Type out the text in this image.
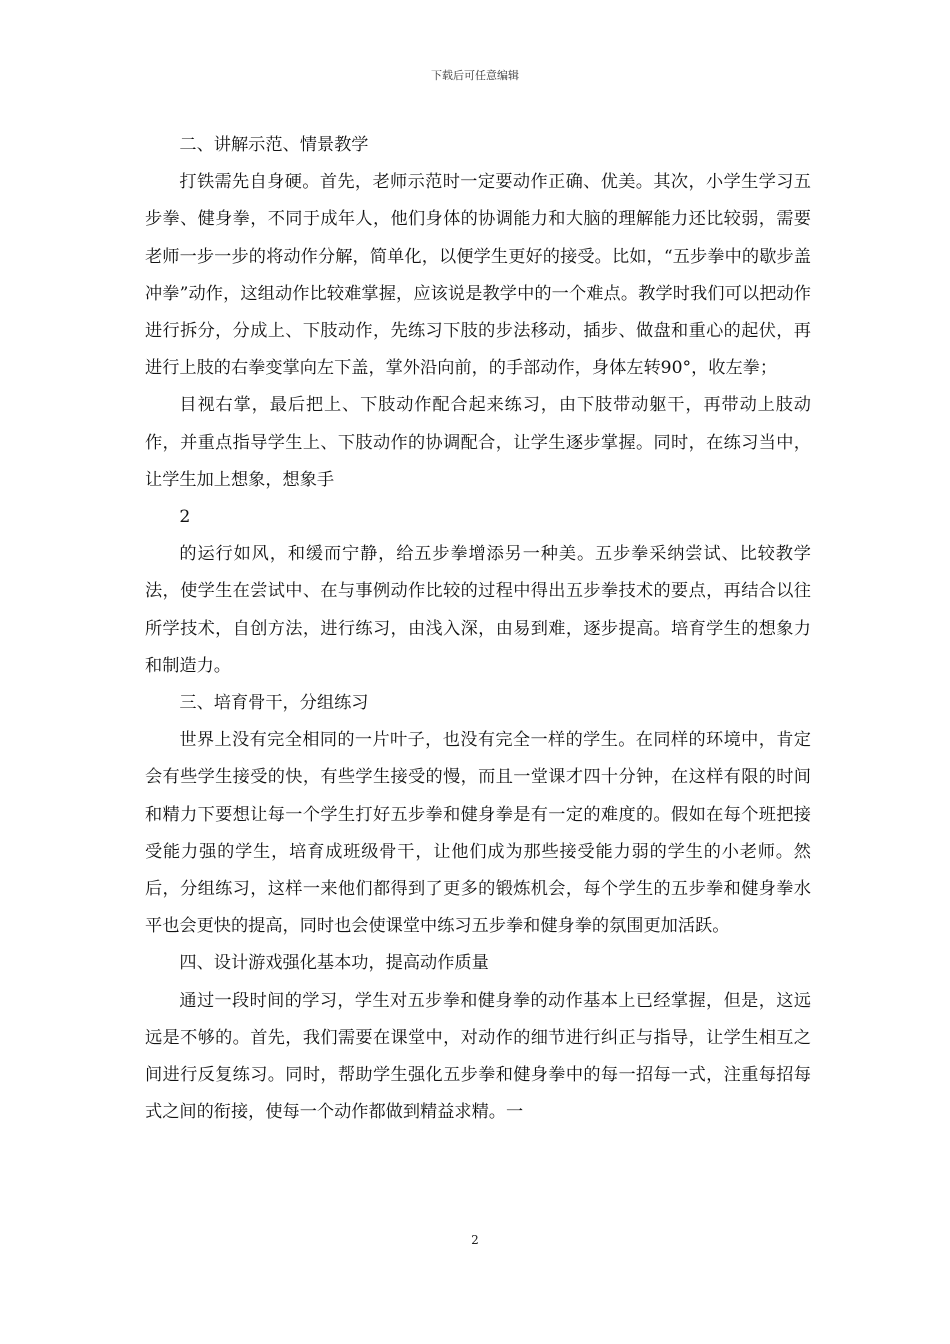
下载后可任意编辑

二、讲解示范、情景教学

打铁需先自身硬。首先，老师示范时一定要动作正确、优美。其次，小学生学习五步拳、健身拳，不同于成年人，他们身体的协调能力和大脑的理解能力还比较弱，需要老师一步一步的将动作分解，简单化，以便学生更好的接受。比如，“五步拳中的歇步盖冲拳”动作，这组动作比较难掌握，应该说是教学中的一个难点。教学时我们可以把动作进行拆分，分成上、下肢动作，先练习下肢的步法移动，插步、做盘和重心的起伏，再进行上肢的右拳变掌向左下盖，掌外沿向前，的手部动作，身体左转90°，收左拳；

目视右掌，最后把上、下肢动作配合起来练习，由下肢带动躯干，再带动上肢动作，并重点指导学生上、下肢动作的协调配合，让学生逐步掌握。同时，在练习当中，让学生加上想象，想象手

2

的运行如风，和缓而宁静，给五步拳增添另一种美。五步拳采纳尝试、比较教学法，使学生在尝试中、在与事例动作比较的过程中得出五步拳技术的要点，再结合以往所学技术，自创方法，进行练习，由浅入深，由易到难，逐步提高。培育学生的想象力和制造力。

三、培育骨干，分组练习

世界上没有完全相同的一片叶子，也没有完全一样的学生。在同样的环境中，肯定会有些学生接受的快，有些学生接受的慢，而且一堂课才四十分钟，在这样有限的时间和精力下要想让每一个学生打好五步拳和健身拳是有一定的难度的。假如在每个班把接受能力强的学生，培育成班级骨干，让他们成为那些接受能力弱的学生的小老师。然后，分组练习，这样一来他们都得到了更多的锻炼机会，每个学生的五步拳和健身拳水平也会更快的提高，同时也会使课堂中练习五步拳和健身拳的氛围更加活跃。

四、设计游戏强化基本功，提高动作质量

通过一段时间的学习，学生对五步拳和健身拳的动作基本上已经掌握，但是，这远远是不够的。首先，我们需要在课堂中，对动作的细节进行纠正与指导，让学生相互之间进行反复练习。同时，帮助学生强化五步拳和健身拳中的每一招每一式，注重每招每式之间的衔接，使每一个动作都做到精益求精。一

2
